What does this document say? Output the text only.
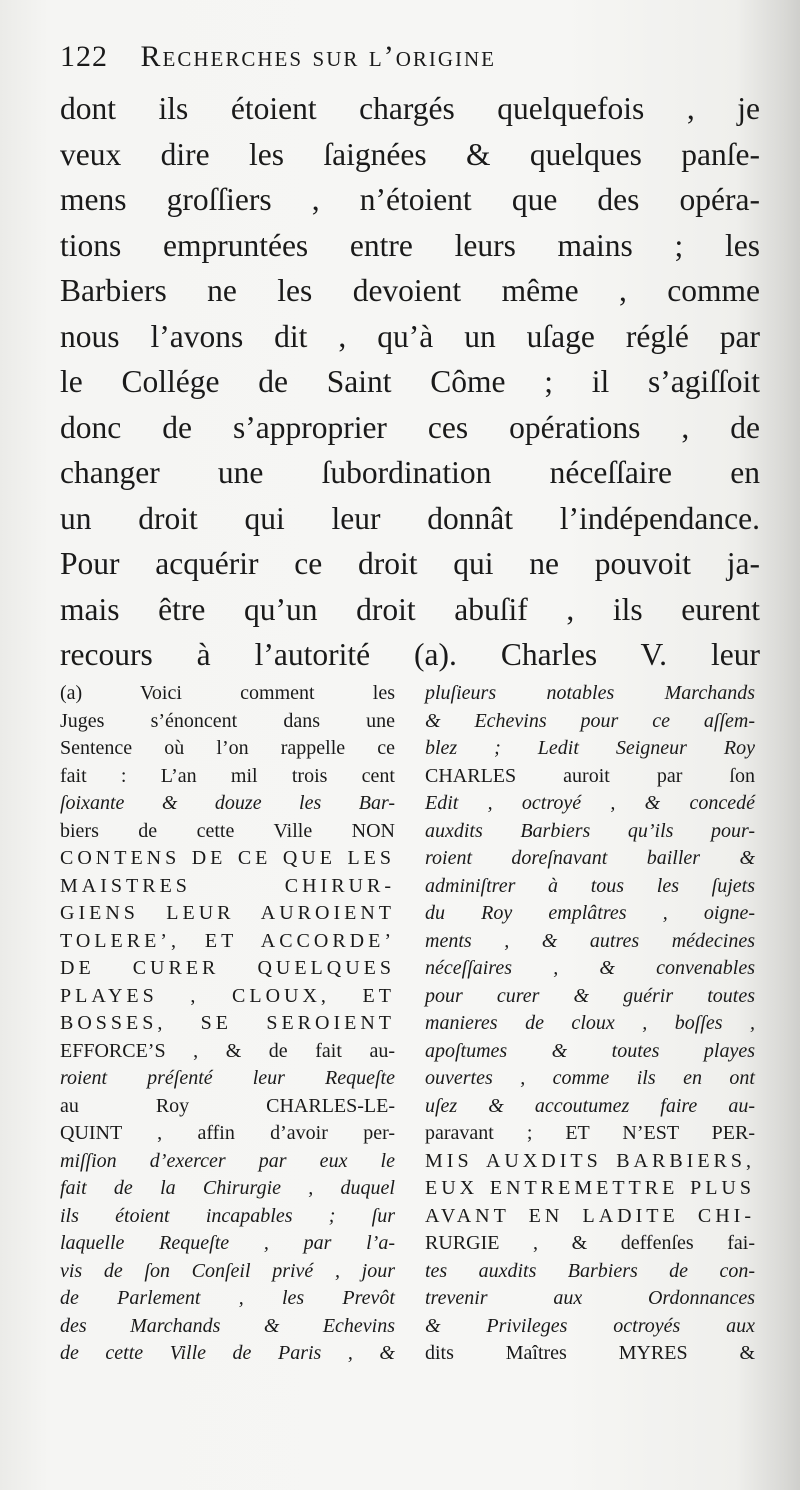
122 Recherches sur l’origine
dont ils étoient chargés quelquefois , je
veux dire les ſaignées & quelques panſe-
mens groſſiers , n’étoient que des opéra-
tions empruntées entre leurs mains ; les
Barbiers ne les devoient même , comme
nous l’avons dit , qu’à un uſage réglé par
le Collége de Saint Côme ; il s’agiſſoit
donc de s’approprier ces opérations , de
changer une ſubordination néceſſaire en
un droit qui leur donnât l’indépendance.
Pour acquérir ce droit qui ne pouvoit ja-
mais être qu’un droit abuſif , ils eurent
recours à l’autorité (a). Charles V. leur
(a) Voici comment les
Juges s’énoncent dans une
Sentence où l’on rappelle ce
fait : L’an mil trois cent
ſoixante & douze les Bar-
biers de cette Ville NON
CONTENS DE CE QUE LES
MAISTRES CHIRUR-
GIENS LEUR AUROIENT
TOLERE’, ET ACCORDE’
DE CURER QUELQUES
PLAYES , CLOUX, ET
BOSSES, SE SEROIENT
EFFORCE’S , & de fait au-
roient préſenté leur Requeſte
au Roy CHARLES-LE-
QUINT , affin d’avoir per-
miſſion d’exercer par eux le
fait de la Chirurgie , duquel
ils étoient incapables ; ſur
laquelle Requeſte , par l’a-
vis de ſon Conſeil privé , jour
de Parlement , les Prevôt
des Marchands & Echevins
de cette Ville de Paris , &
pluſieurs notables Marchands
& Echevins pour ce aſſem-
blez ; Ledit Seigneur Roy
CHARLES auroit par ſon
Edit , octroyé , & concedé
auxdits Barbiers qu’ils pour-
roient doreſnavant bailler &
adminiſtrer à tous les ſujets
du Roy emplâtres , oigne-
ments , & autres médecines
néceſſaires , & convenables
pour curer & guérir toutes
manieres de cloux , boſſes ,
apoſtumes & toutes playes
ouvertes , comme ils en ont
uſez & accoutumez faire au-
paravant ; ET N’EST PER-
MIS AUXDITS BARBIERS,
EUX ENTREMETTRE PLUS
AVANT EN LADITE CHI-
RURGIE , & deffenſes fai-
tes auxdits Barbiers de con-
trevenir aux Ordonnances
& Privileges octroyés aux
dits Maîtres MYRES &
